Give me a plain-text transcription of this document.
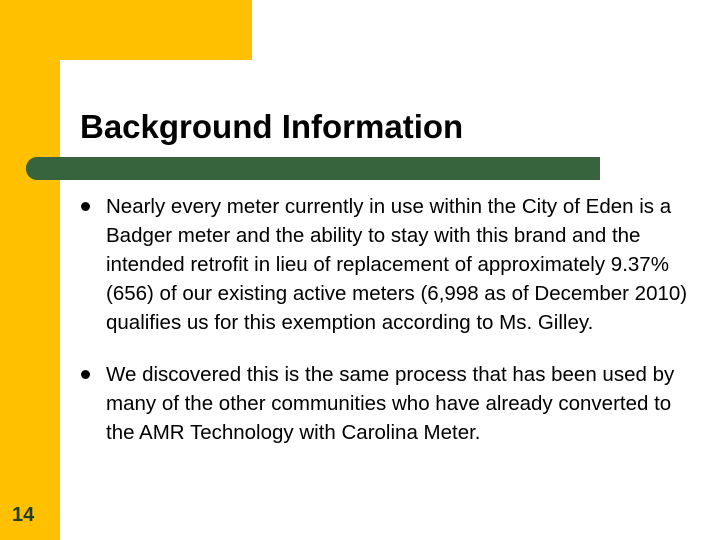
Background Information
Nearly every meter currently in use within the City of Eden is a Badger meter and the ability to stay with this brand and the intended retrofit in lieu of replacement of approximately 9.37% (656) of our existing active meters (6,998 as of December 2010) qualifies us for this exemption according to Ms. Gilley.
We discovered this is the same process that has been used by many of the other communities who have already converted to the AMR Technology with Carolina Meter.
14
